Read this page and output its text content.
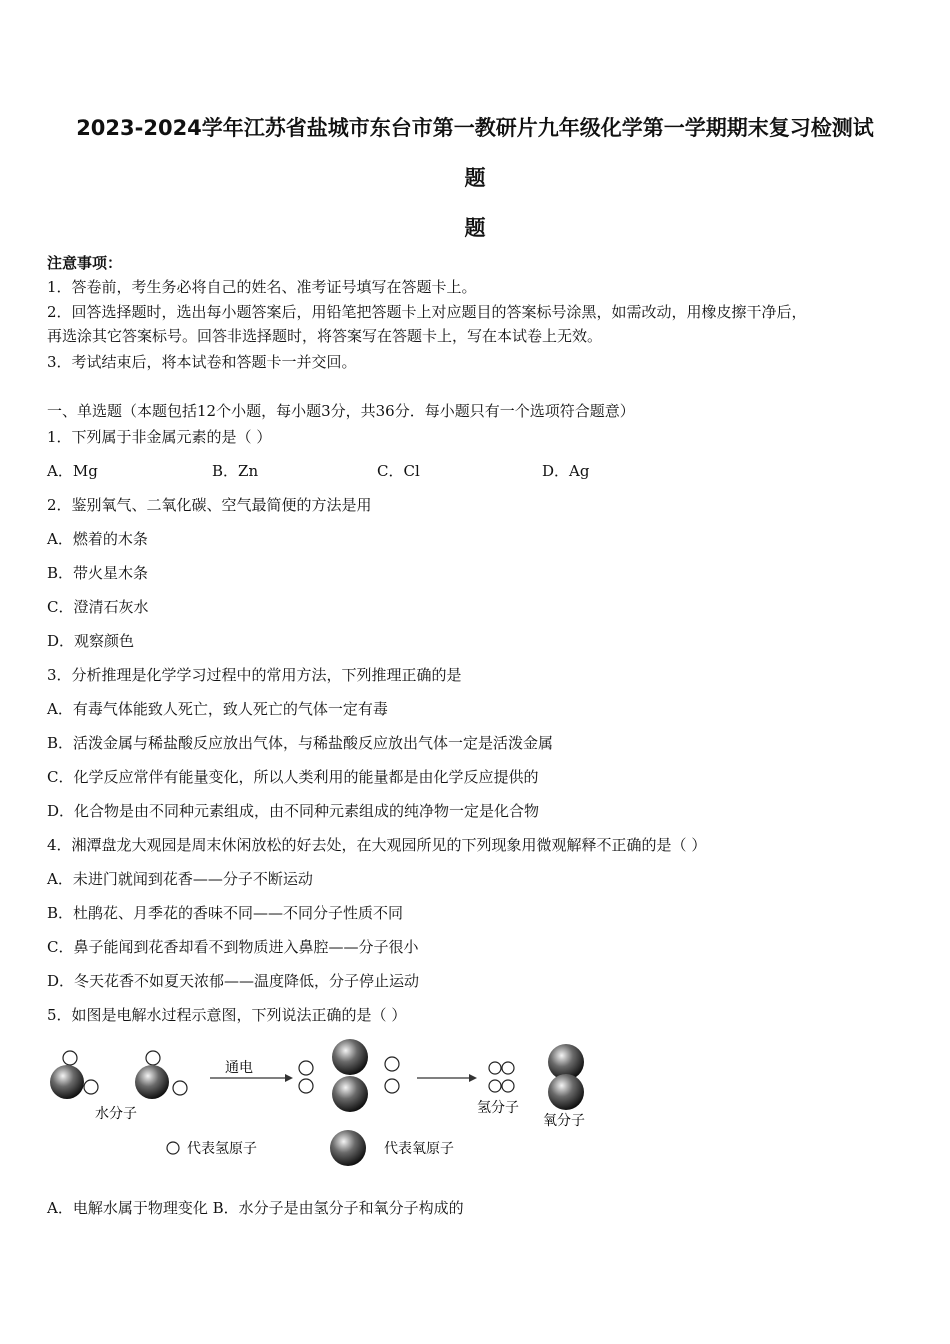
2023-2024学年江苏省盐城市东台市第一教研片九年级化学第一学期期末复习检测试
题
题
注意事项：
1．答卷前，考生务必将自己的姓名、准考证号填写在答题卡上。
2．回答选择题时，选出每小题答案后，用铅笔把答题卡上对应题目的答案标号涂黑，如需改动，用橡皮擦干净后，
再选涂其它答案标号。回答非选择题时，将答案写在答题卡上，写在本试卷上无效。
3．考试结束后，将本试卷和答题卡一并交回。
一、单选题（本题包括12个小题，每小题3分，共36分．每小题只有一个选项符合题意）
1．下列属于非金属元素的是（ ）
A．Mg	B．Zn	C．Cl	D．Ag
2．鉴别氧气、二氧化碳、空气最简便的方法是用
A．燃着的木条
B．带火星木条
C．澄清石灰水
D．观察颜色
3．分析推理是化学学习过程中的常用方法，下列推理正确的是
A．有毒气体能致人死亡，致人死亡的气体一定有毒
B．活泼金属与稀盐酸反应放出气体，与稀盐酸反应放出气体一定是活泼金属
C．化学反应常伴有能量变化，所以人类利用的能量都是由化学反应提供的
D．化合物是由不同种元素组成，由不同种元素组成的纯净物一定是化合物
4．湘潭盘龙大观园是周末休闲放松的好去处，在大观园所见的下列现象用微观解释不正确的是（ ）
A．未进门就闻到花香——分子不断运动
B．杜鹃花、月季花的香味不同——不同分子性质不同
C．鼻子能闻到花香却看不到物质进入鼻腔——分子很小
D．冬天花香不如夏天浓郁——温度降低，分子停止运动
5．如图是电解水过程示意图，下列说法正确的是（ ）
水分子
通电
氢分子
氧分子
代表氢原子	代表氧原子
A．电解水属于物理变化 B．水分子是由氢分子和氧分子构成的
